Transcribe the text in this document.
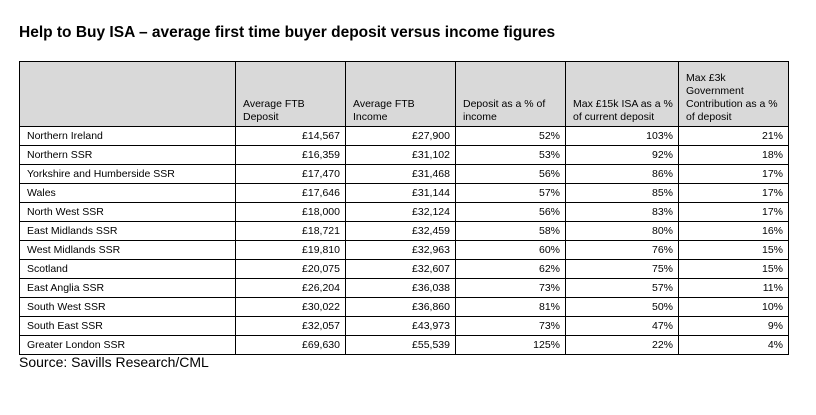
Help to Buy ISA – average first time buyer deposit versus income figures
	Average FTB Deposit	Average FTB Income	Deposit as a % of income	Max £15k ISA as a % of current deposit	Max £3k Government Contribution as a % of deposit
Northern Ireland	£14,567	£27,900	52%	103%	21%
Northern SSR	£16,359	£31,102	53%	92%	18%
Yorkshire and Humberside SSR	£17,470	£31,468	56%	86%	17%
Wales	£17,646	£31,144	57%	85%	17%
North West SSR	£18,000	£32,124	56%	83%	17%
East Midlands SSR	£18,721	£32,459	58%	80%	16%
West Midlands SSR	£19,810	£32,963	60%	76%	15%
Scotland	£20,075	£32,607	62%	75%	15%
East Anglia SSR	£26,204	£36,038	73%	57%	11%
South West SSR	£30,022	£36,860	81%	50%	10%
South East SSR	£32,057	£43,973	73%	47%	9%
Greater London SSR	£69,630	£55,539	125%	22%	4%
Source: Savills Research/CML
